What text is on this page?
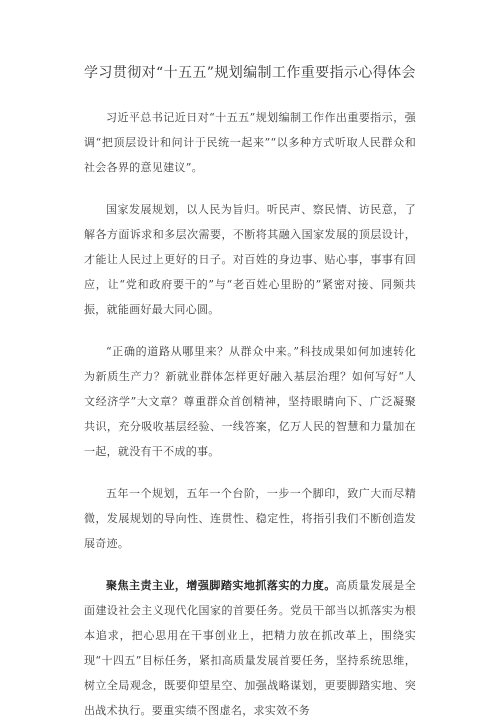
学习贯彻对“十五五”规划编制工作重要指示心得体会

习近平总书记近日对“十五五”规划编制工作作出重要指示，强调“把顶层设计和问计于民统一起来”“以多种方式听取人民群众和社会各界的意见建议”。

国家发展规划，以人民为旨归。听民声、察民情、访民意，了解各方面诉求和多层次需要，不断将其融入国家发展的顶层设计，才能让人民过上更好的日子。对百姓的身边事、贴心事，事事有回应，让“党和政府要干的”与“老百姓心里盼的”紧密对接、同频共振，就能画好最大同心圆。

“正确的道路从哪里来？从群众中来。”科技成果如何加速转化为新质生产力？新就业群体怎样更好融入基层治理？如何写好“人文经济学”大文章？尊重群众首创精神，坚持眼睛向下、广泛凝聚共识，充分吸收基层经验、一线答案，亿万人民的智慧和力量加在一起，就没有干不成的事。

五年一个规划，五年一个台阶，一步一个脚印，致广大而尽精微，发展规划的导向性、连贯性、稳定性，将指引我们不断创造发展奇迹。

聚焦主责主业，增强脚踏实地抓落实的力度。高质量发展是全面建设社会主义现代化国家的首要任务。党员干部当以抓落实为根本追求，把心思用在干事创业上，把精力放在抓改革上，围绕实现“十四五”目标任务，紧扣高质量发展首要任务，坚持系统思维，树立全局观念，既要仰望星空、加强战略谋划，更要脚踏实地、突出战术执行。要重实绩不图虚名，求实效不务
